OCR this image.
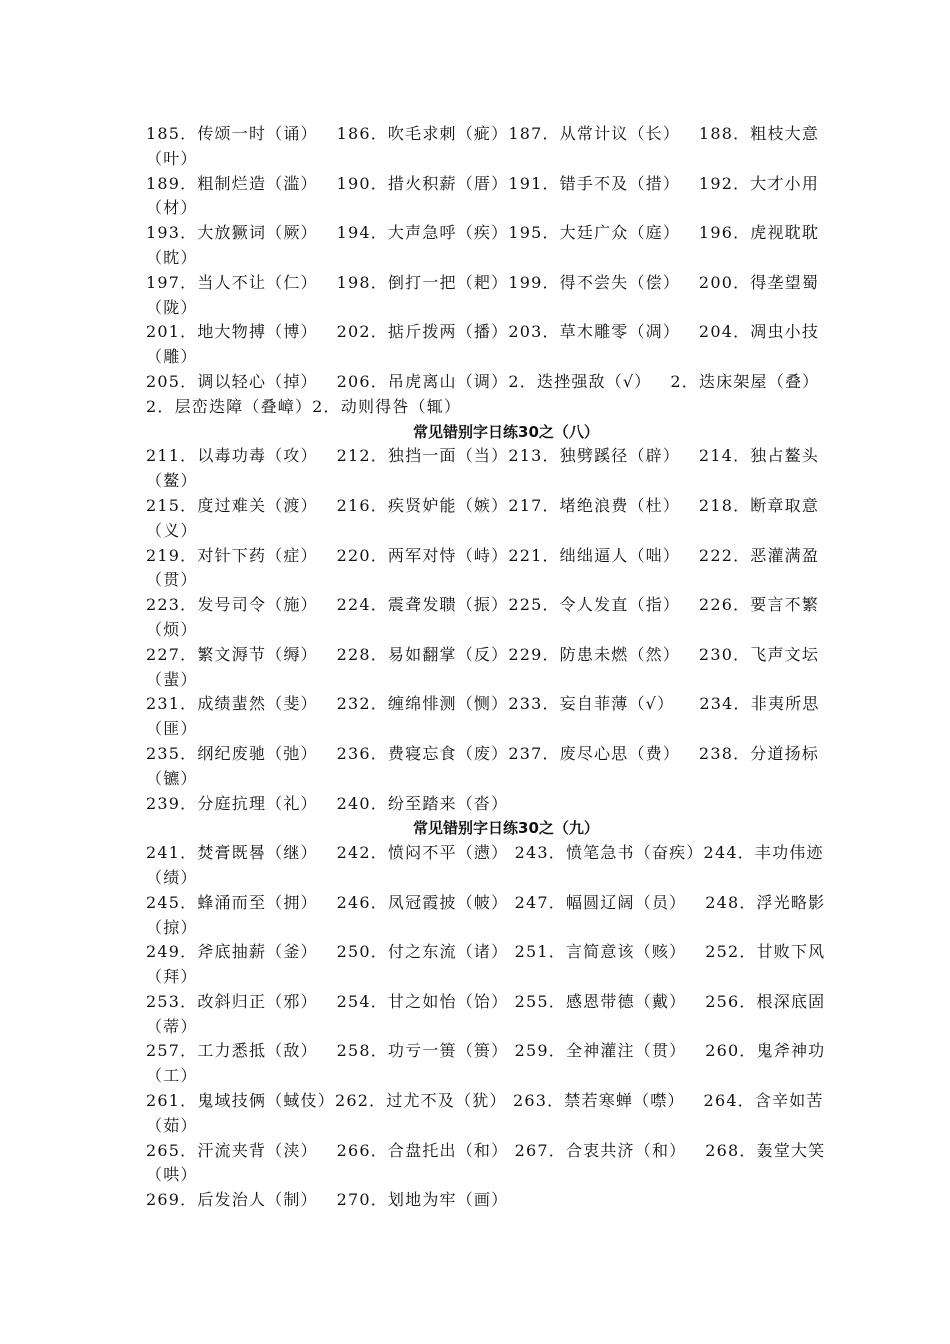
185．传颂一时（诵）   186．吹毛求刺（疵）187．从常计议（长）   188．粗枝大意
（叶）
189．粗制烂造（滥）   190．措火积薪（厝）191．错手不及（措）   192．大才小用
（材）
193．大放獗词（厥）   194．大声急呼（疾）195．大廷广众（庭）   196．虎视耽耽
（眈）
197．当人不让（仁）   198．倒打一把（耙）199．得不尝失（偿）   200．得垄望蜀
（陇）
201．地大物搏（博）   202．掂斤拨两（播）203．草木雕零（凋）   204．凋虫小技
（雕）
205．调以轻心（掉）   206．吊虎离山（调）2．迭挫强敌（√）   2．迭床架屋（叠）
2．层峦迭障（叠嶂）2．动则得咎（辄）
常见错别字日练30之（八）
211．以毒功毒（攻）   212．独挡一面（当）213．独劈蹊径（辟）   214．独占鳌头
（鳌）
215．度过难关（渡）   216．疾贤妒能（嫉）217．堵绝浪费（杜）   218．断章取意
（义）
219．对针下药（症）   220．两军对恃（峙）221．绌绌逼人（咄）   222．恶灌满盈
（贯）
223．发号司令（施）   224．震聋发聩（振）225．令人发直（指）   226．要言不繁
（烦）
227．繁文溽节（缛）   228．易如翻掌（反）229．防患未燃（然）   230．飞声文坛
（蜚）
231．成绩蜚然（斐）   232．缠绵悱测（恻）233．妄自菲薄（√）    234．非夷所思
（匪）
235．纲纪废驰（弛）   236．费寝忘食（废）237．废尽心思（费）   238．分道扬标
（镳）
239．分庭抗理（礼）   240．纷至踏来（沓）
常见错别字日练30之（九）
241．焚膏既晷（继）   242．愤闷不平（懑） 243．愤笔急书（奋疾）244．丰功伟迹
（绩）
245．蜂涌而至（拥）   246．凤冠霞披（帔） 247．幅圆辽阔（员）   248．浮光略影
（掠）
249．斧底抽薪（釜）   250．付之东流（诸） 251．言简意该（赅）   252．甘败下风
（拜）
253．改斜归正（邪）   254．甘之如怡（饴） 255．感恩带德（戴）   256．根深底固
（蒂）
257．工力悉抵（敌）   258．功亏一篑（篑） 259．全神灌注（贯）   260．鬼斧神功
（工）
261．鬼域技俩（蜮伎）262．过尤不及（犹） 263．禁若寒蝉（噤）   264．含辛如苦
（茹）
265．汗流夹背（浃）   266．合盘托出（和） 267．合衷共济（和）   268．轰堂大笑
（哄）
269．后发治人（制）   270．划地为牢（画）
